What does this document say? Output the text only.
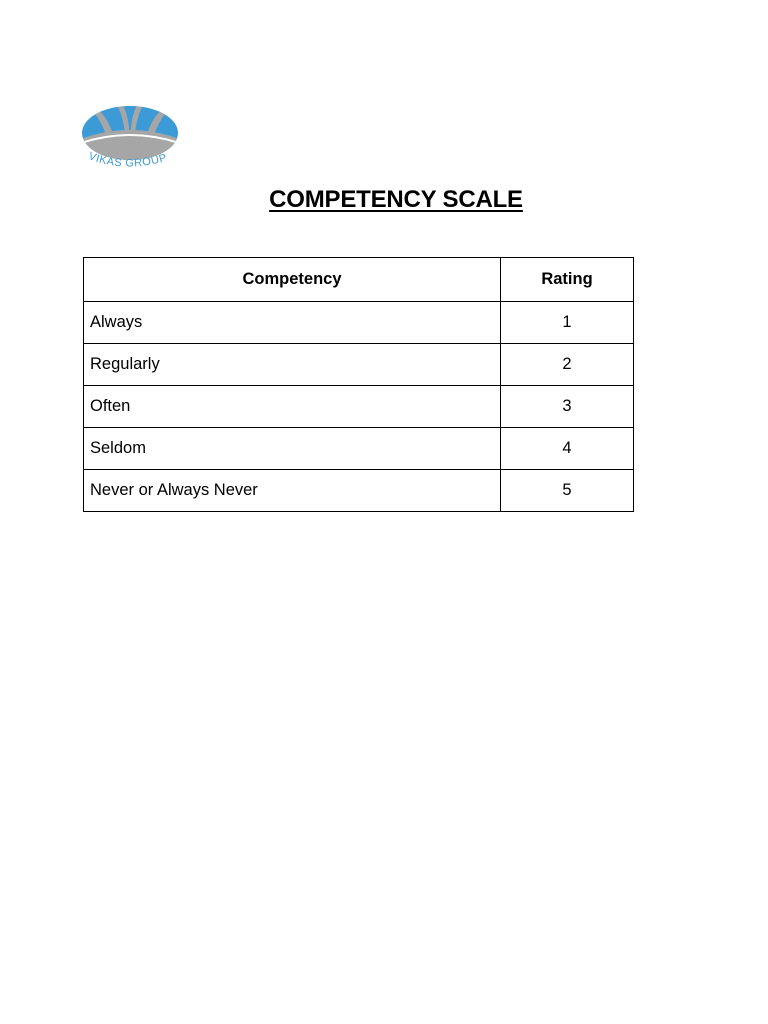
VIKAS GROUP
COMPETENCY SCALE
Competency	Rating
Always	1
Regularly	2
Often	3
Seldom	4
Never or Always Never	5
